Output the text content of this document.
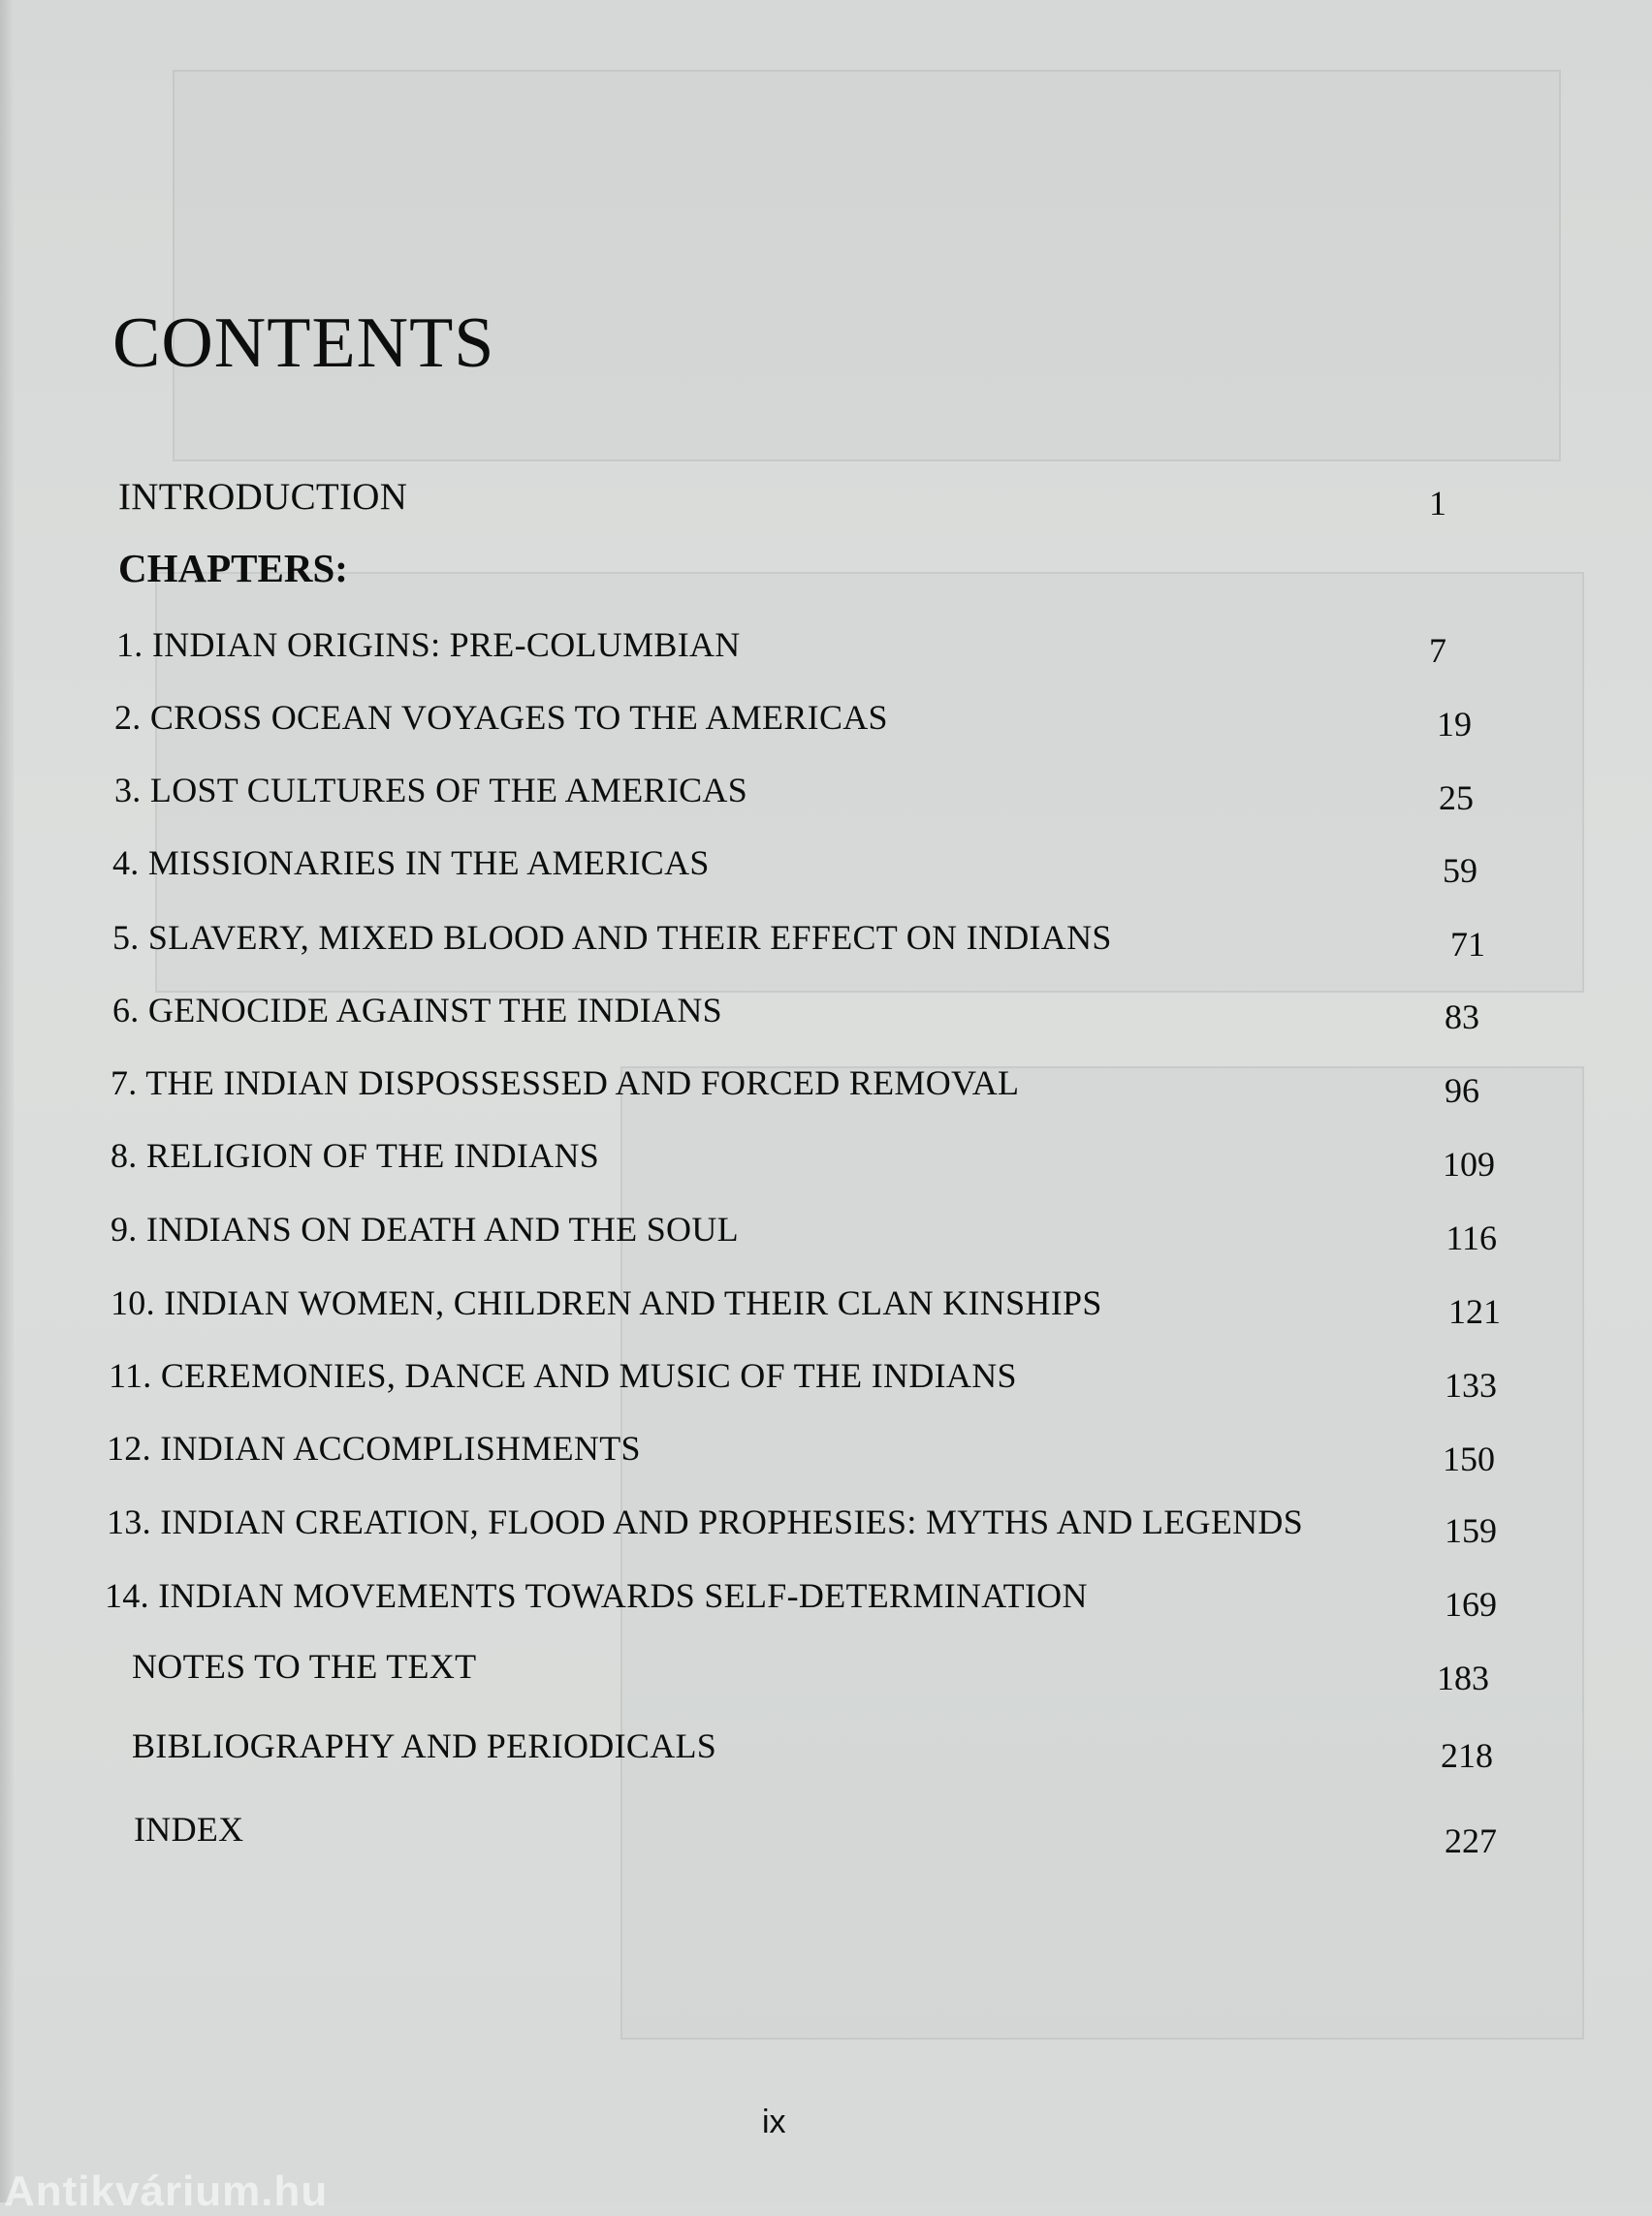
CONTENTS
INTRODUCTION	1
CHAPTERS:
1. INDIAN ORIGINS: PRE-COLUMBIAN	7
2. CROSS OCEAN VOYAGES TO THE AMERICAS	19
3. LOST CULTURES OF THE AMERICAS	25
4. MISSIONARIES IN THE AMERICAS	59
5. SLAVERY, MIXED BLOOD AND THEIR EFFECT ON INDIANS	71
6. GENOCIDE AGAINST THE INDIANS	83
7. THE INDIAN DISPOSSESSED AND FORCED REMOVAL	96
8. RELIGION OF THE INDIANS	109
9. INDIANS ON DEATH AND THE SOUL	116
10. INDIAN WOMEN, CHILDREN AND THEIR CLAN KINSHIPS	121
11. CEREMONIES, DANCE AND MUSIC OF THE INDIANS	133
12. INDIAN ACCOMPLISHMENTS	150
13. INDIAN CREATION, FLOOD AND PROPHESIES: MYTHS AND LEGENDS	159
14. INDIAN MOVEMENTS TOWARDS SELF-DETERMINATION	169
NOTES TO THE TEXT	183
BIBLIOGRAPHY AND PERIODICALS	218
INDEX	227
ix
Antikvárium.hu
